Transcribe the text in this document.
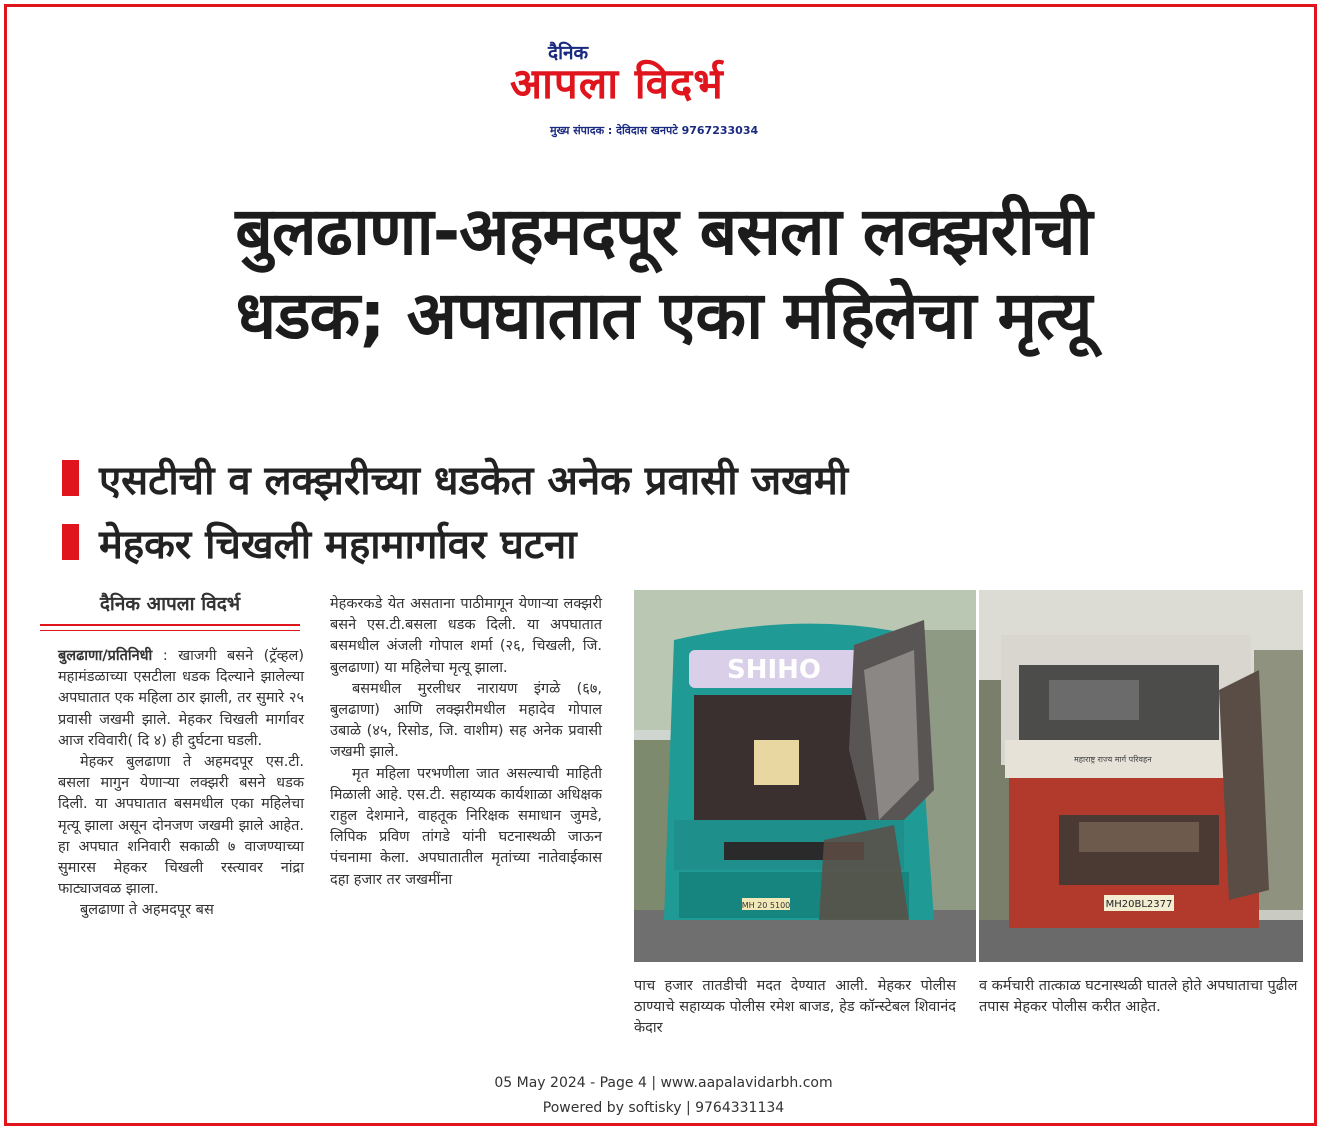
दैनिक
आपला विदर्भ
मुख्य संपादक : देविदास खनपटे 9767233034
बुलढाणा-अहमदपूर बसला लक्झरीची
धडक; अपघातात एका महिलेचा मृत्यू
एसटीची व लक्झरीच्या धडकेत अनेक प्रवासी जखमी
मेहकर चिखली महामार्गावर घटना
दैनिक आपला विदर्भ

बुलढाणा/प्रतिनिधी : खाजगी बसने (ट्रॅव्हल) महामंडळाच्या एसटीला धडक दिल्याने झालेल्या अपघातात एक महिला ठार झाली, तर सुमारे २५ प्रवासी जखमी झाले. मेहकर चिखली मार्गावर आज रविवारी( दि ४) ही दुर्घटना घडली.

मेहकर बुलढाणा ते अहमदपूर एस.टी. बसला मागुन येणाऱ्या लक्झरी बसने धडक दिली. या अपघातात बसमधील एका महिलेचा मृत्यू झाला असून दोनजण जखमी झाले आहेत. हा अपघात शनिवारी सकाळी ७ वाजण्याच्या सुमारस मेहकर चिखली रस्त्यावर नांद्रा फाट्याजवळ झाला.

बुलढाणा ते अहमदपूर बस

मेहकरकडे येत असताना पाठीमागून येणाऱ्या लक्झरी बसने एस.टी.बसला धडक दिली. या अपघातात बसमधील अंजली गोपाल शर्मा (२६, चिखली, जि. बुलढाणा) या महिलेचा मृत्यू झाला.

बसमधील मुरलीधर नारायण इंगळे (६७, बुलढाणा) आणि लक्झरीमधील महादेव गोपाल उबाळे (४५, रिसोड, जि. वाशीम) सह अनेक प्रवासी जखमी झाले.

मृत महिला परभणीला जात असल्याची माहिती मिळाली आहे. एस.टी. सहाय्यक कार्यशाळा अधिक्षक राहुल देशमाने, वाहतूक निरिक्षक समाधान जुमडे, लिपिक प्रविण तांगडे यांनी घटनास्थळी जाऊन पंचनामा केला. अपघातातील मृतांच्या नातेवाईकास दहा हजार तर जखमींना

SHIHO
MH 20 5100
महाराष्ट्र राज्य मार्ग परिवहन
MH20BL2377
पाच हजार तातडीची मदत देण्यात आली. मेहकर पोलीस ठाण्याचे सहाय्यक पोलीस रमेश बाजड, हेड कॉन्स्टेबल शिवानंद केदार
व कर्मचारी तात्काळ घटनास्थळी घातले होते अपघाताचा पुढील तपास मेहकर पोलीस करीत आहेत.
05 May 2024 - Page 4 | www.aapalavidarbh.com
Powered by softisky | 9764331134
